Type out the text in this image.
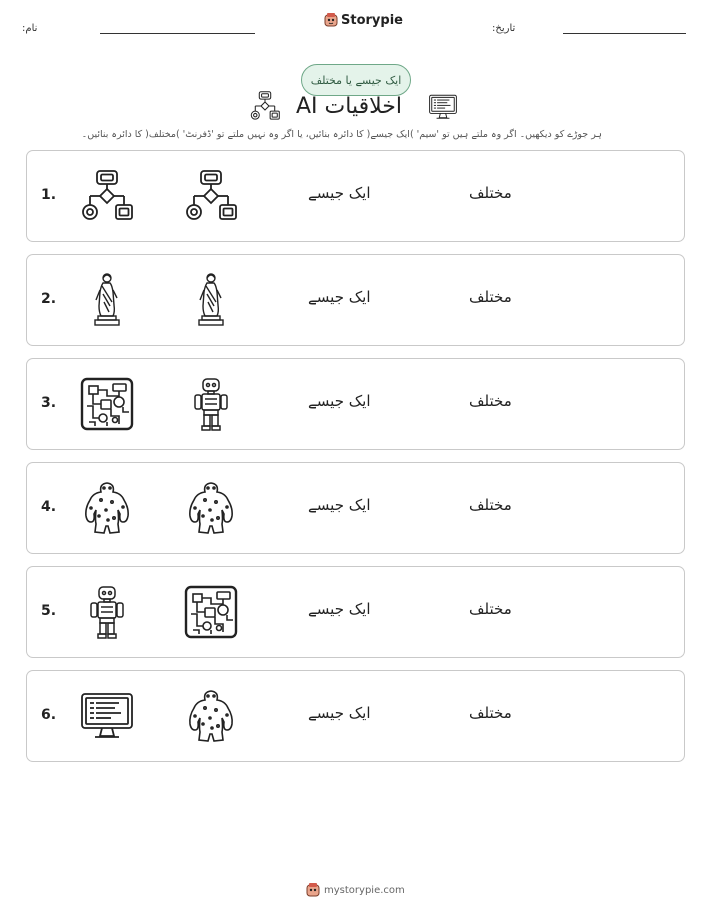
:نام
Storypie
:تاریخ
ایک جیسے یا مختلف
AI اخلاقیات
ہر جوڑے کو دیکھیں۔ اگر وہ ملتے ہیں تو 'سیم' )ایک جیسے( کا دائرہ بنائیں، یا اگر وہ نہیں ملتے تو 'ڈفرنٹ' )مختلف( کا دائرہ بنائیں۔
1.	ایک جیسے	مختلف
2.	ایک جیسے	مختلف
3.	ایک جیسے	مختلف
4.	ایک جیسے	مختلف
5.	ایک جیسے	مختلف
6.	ایک جیسے	مختلف
mystorypie.com
